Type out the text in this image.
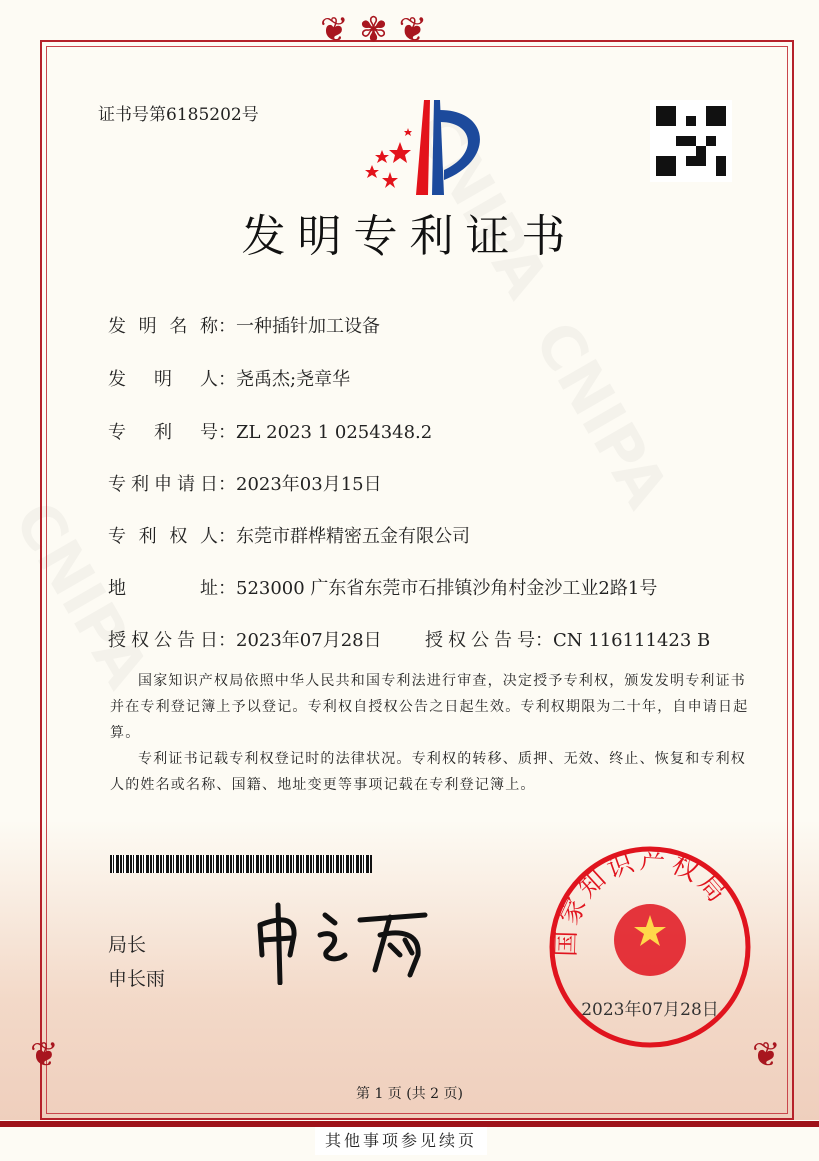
❦ ✾ ❦
❦	❦
证书号第6185202号
发明专利证书
发 明 名 称：一种插针加工设备
发 明 人：尧禹杰;尧章华
专 利 号：ZL 2023 1 0254348.2
专利申请日：2023年03月15日
专 利 权 人：东莞市群桦精密五金有限公司
地 址：523000 广东省东莞市石排镇沙角村金沙工业2路1号
授权公告日：2023年07月28日 授权公告号：CN 116111423 B
国家知识产权局依照中华人民共和国专利法进行审查，决定授予专利权，颁发发明专利证书并在专利登记簿上予以登记。专利权自授权公告之日起生效。专利权期限为二十年，自申请日起算。
专利证书记载专利权登记时的法律状况。专利权的转移、质押、无效、终止、恢复和专利权人的姓名或名称、国籍、地址变更等事项记载在专利登记簿上。
局长
申长雨
国家知识产权局
2023年07月28日
第 1 页 (共 2 页)
其他事项参见续页
